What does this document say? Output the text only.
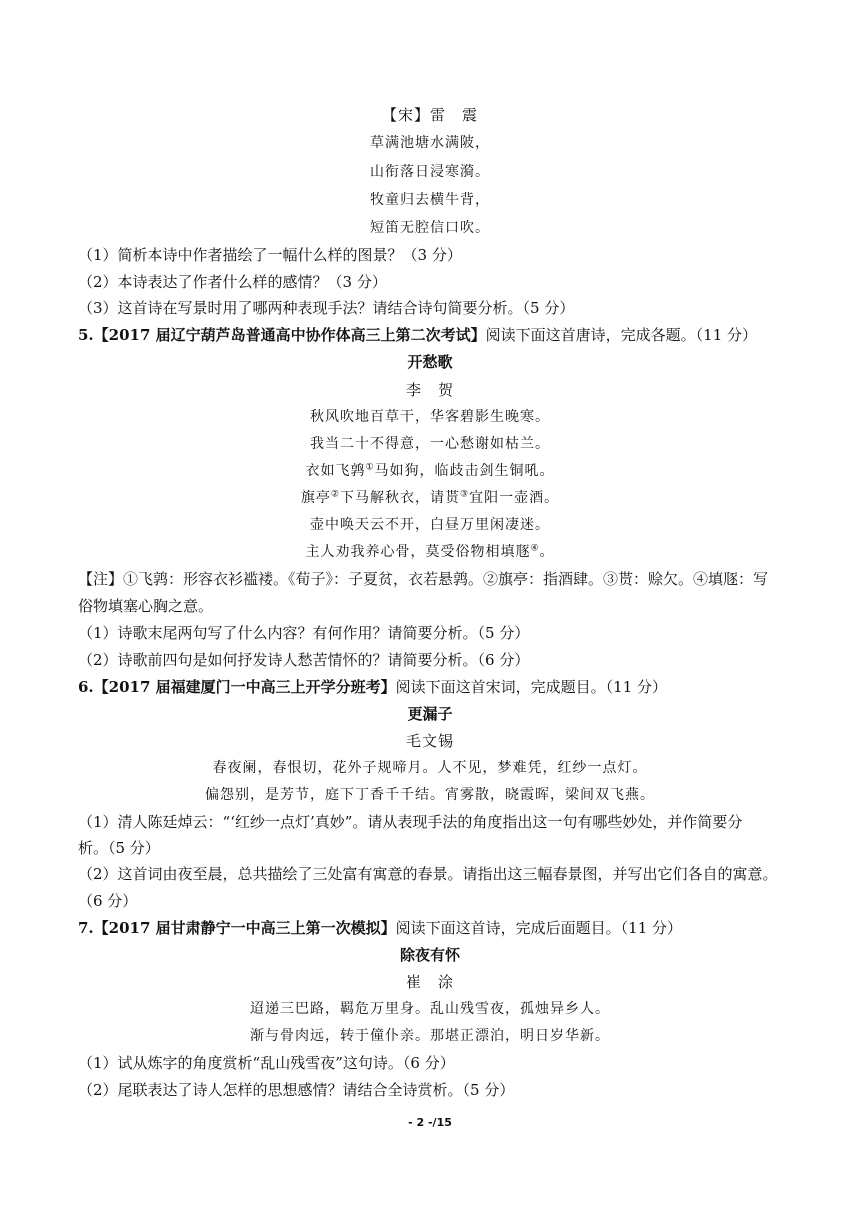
【宋】雷　震
草满池塘水满陂，
山衔落日浸寒漪。
牧童归去横牛背，
短笛无腔信口吹。
（1）简析本诗中作者描绘了一幅什么样的图景？（3 分）
（2）本诗表达了作者什么样的感情？（3 分）
（3）这首诗在写景时用了哪两种表现手法？请结合诗句简要分析。（5 分）
5.【2017 届辽宁葫芦岛普通高中协作体高三上第二次考试】阅读下面这首唐诗，完成各题。（11 分）
开愁歌
李　贺
秋风吹地百草干，华客碧影生晚寒。
我当二十不得意，一心愁谢如枯兰。
衣如飞鹑①马如狗，临歧击剑生铜吼。
旗亭②下马解秋衣，请贳③宜阳一壶酒。
壶中唤天云不开，白昼万里闲凄迷。
主人劝我养心骨，莫受俗物相填豗④。
【注】①飞鹑：形容衣衫褴褛。《荀子》：子夏贫，衣若悬鹑。②旗亭：指酒肆。③贳：赊欠。④填豗：写
俗物填塞心胸之意。
（1）诗歌末尾两句写了什么内容？有何作用？请简要分析。（5 分）
（2）诗歌前四句是如何抒发诗人愁苦情怀的？请简要分析。（6 分）
6.【2017 届福建厦门一中高三上开学分班考】阅读下面这首宋词，完成题目。（11 分）
更漏子
毛文锡
春夜阑，春恨切，花外子规啼月。人不见，梦难凭，红纱一点灯。
偏怨别，是芳节，庭下丁香千千结。宵雾散，晓霞晖，梁间双飞燕。
（1）清人陈廷焯云：“‘红纱一点灯’真妙”。请从表现手法的角度指出这一句有哪些妙处，并作简要分
析。（5 分）
（2）这首词由夜至晨，总共描绘了三处富有寓意的春景。请指出这三幅春景图，并写出它们各自的寓意。
（6 分）
7.【2017 届甘肃静宁一中高三上第一次模拟】阅读下面这首诗，完成后面题目。（11 分）
除夜有怀
崔　涂
迢递三巴路，羁危万里身。乱山残雪夜，孤烛异乡人。
渐与骨肉远，转于僮仆亲。那堪正漂泊，明日岁华新。
（1）试从炼字的角度赏析“乱山残雪夜”这句诗。（6 分）
（2）尾联表达了诗人怎样的思想感情？请结合全诗赏析。（5 分）
- 2 -/15
